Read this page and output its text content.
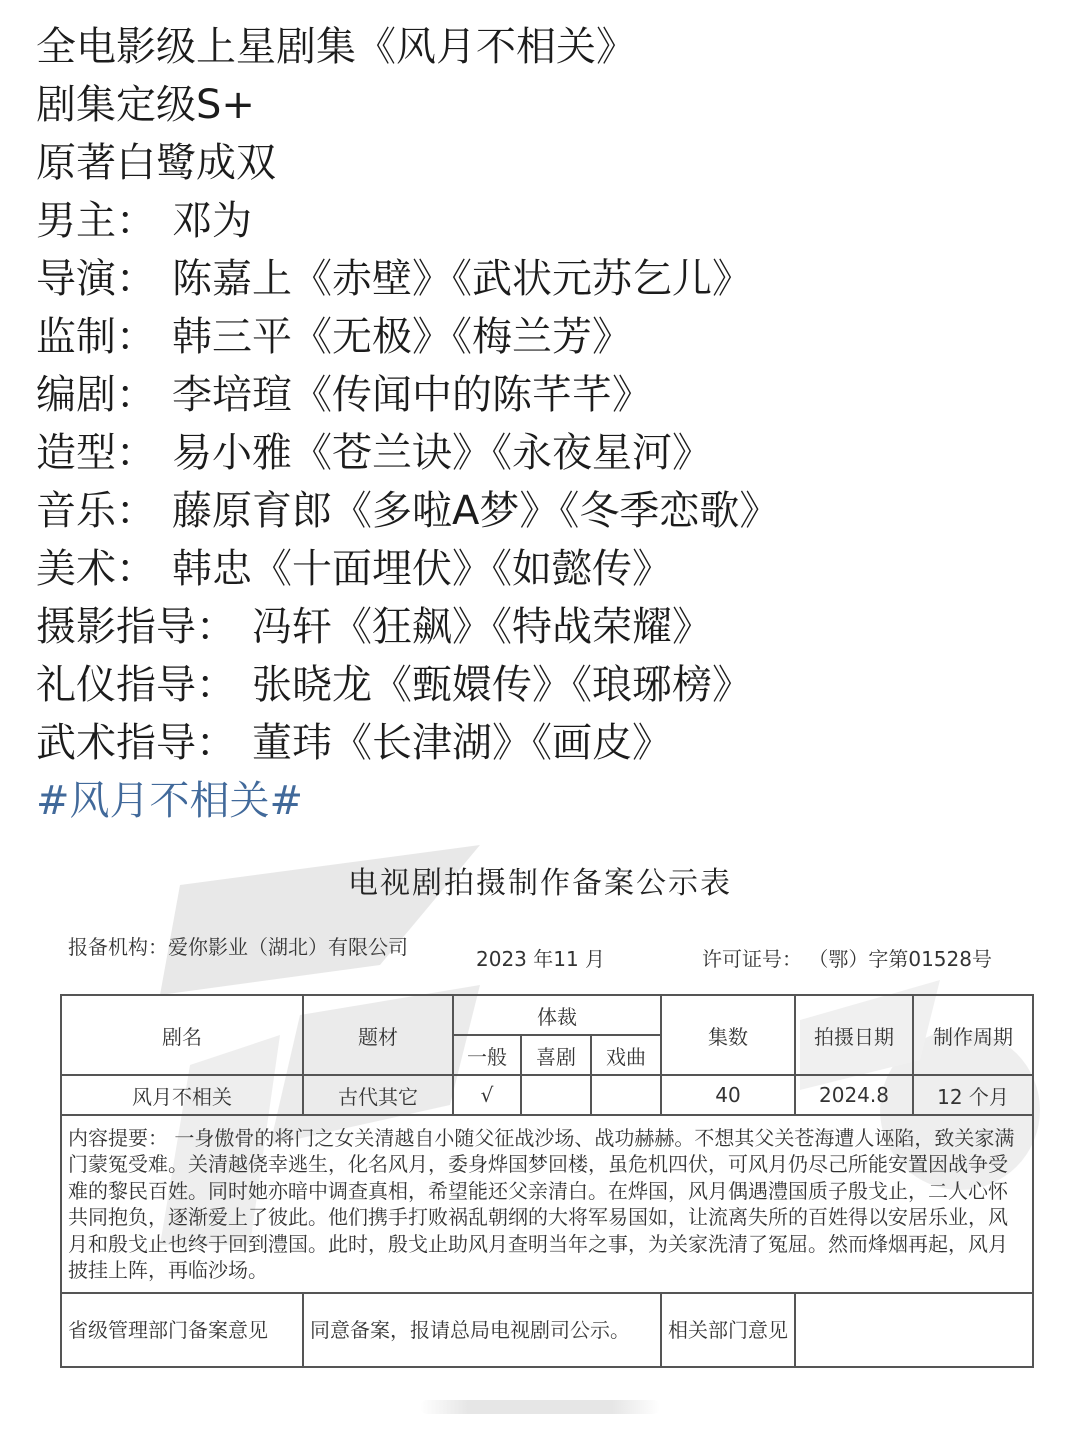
全电影级上星剧集《风月不相关》
剧集定级S+
原著白鹭成双
男主： 邓为
导演： 陈嘉上《赤壁》《武状元苏乞儿》
监制： 韩三平《无极》《梅兰芳》
编剧： 李培瑄《传闻中的陈芊芊》
造型： 易小雅《苍兰诀》《永夜星河》
音乐： 藤原育郎《多啦A梦》《冬季恋歌》
美术： 韩忠《十面埋伏》《如懿传》
摄影指导： 冯轩《狂飙》《特战荣耀》
礼仪指导： 张晓龙《甄嬛传》《琅琊榜》
武术指导： 董玮《长津湖》《画皮》
#风月不相关#
电视剧拍摄制作备案公示表
报备机构：爱你影业（湖北）有限公司	2023 年11 月	许可证号： （鄂）字第01528号
剧名	题材	体裁			集数	拍摄日期	制作周期
		一般	喜剧	戏曲			
风月不相关	古代其它	√			40	2024.8	12 个月
内容提要： 一身傲骨的将门之女关清越自小随父征战沙场、战功赫赫。不想其父关苍海遭人诬陷，致关家满门蒙冤受难。关清越侥幸逃生，化名风月，委身烨国梦回楼，虽危机四伏，可风月仍尽己所能安置因战争受难的黎民百姓。同时她亦暗中调查真相，希望能还父亲清白。在烨国，风月偶遇澧国质子殷戈止，二人心怀共同抱负，逐渐爱上了彼此。他们携手打败祸乱朝纲的大将军易国如，让流离失所的百姓得以安居乐业，风月和殷戈止也终于回到澧国。此时，殷戈止助风月查明当年之事，为关家洗清了冤屈。然而烽烟再起，风月披挂上阵，再临沙场。							
省级管理部门备案意见	同意备案，报请总局电视剧司公示。				相关部门意见		
